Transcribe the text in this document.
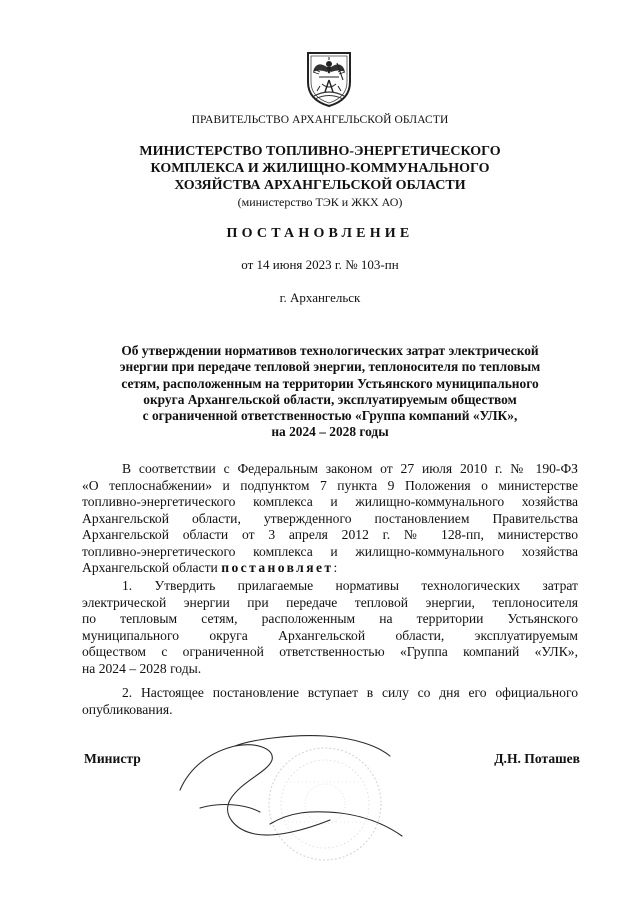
ПРАВИТЕЛЬСТВО АРХАНГЕЛЬСКОЙ ОБЛАСТИ
МИНИСТЕРСТВО ТОПЛИВНО-ЭНЕРГЕТИЧЕСКОГО
КОМПЛЕКСА И ЖИЛИЩНО-КОММУНАЛЬНОГО
ХОЗЯЙСТВА АРХАНГЕЛЬСКОЙ ОБЛАСТИ
(министерство ТЭК и ЖКХ АО)
ПОСТАНОВЛЕНИЕ
от 14 июня 2023 г. № 103-пн
г. Архангельск
Об утверждении нормативов технологических затрат электрической
энергии при передаче тепловой энергии, теплоносителя по тепловым
сетям, расположенным на территории Устьянского муниципального
округа Архангельской области, эксплуатируемым обществом
с ограниченной ответственностью «Группа компаний «УЛК»,
на 2024 – 2028 годы
В соответствии с Федеральным законом от 27 июля 2010 г. № 190-ФЗ
«О теплоснабжении» и подпунктом 7 пункта 9 Положения о министерстве
топливно-энергетического комплекса и жилищно-коммунального хозяйства
Архангельской области, утвержденного постановлением Правительства
Архангельской области от 3 апреля 2012 г. № 128-пп, министерство
топливно-энергетического комплекса и жилищно-коммунального хозяйства
Архангельской области постановляет:
1. Утвердить прилагаемые нормативы технологических затрат
электрической энергии при передаче тепловой энергии, теплоносителя
по тепловым сетям, расположенным на территории Устьянского
муниципального округа Архангельской области, эксплуатируемым
обществом с ограниченной ответственностью «Группа компаний «УЛК»,
на 2024 – 2028 годы.
2. Настоящее постановление вступает в силу со дня его официального
опубликования.
Министр	Д.Н. Поташев
